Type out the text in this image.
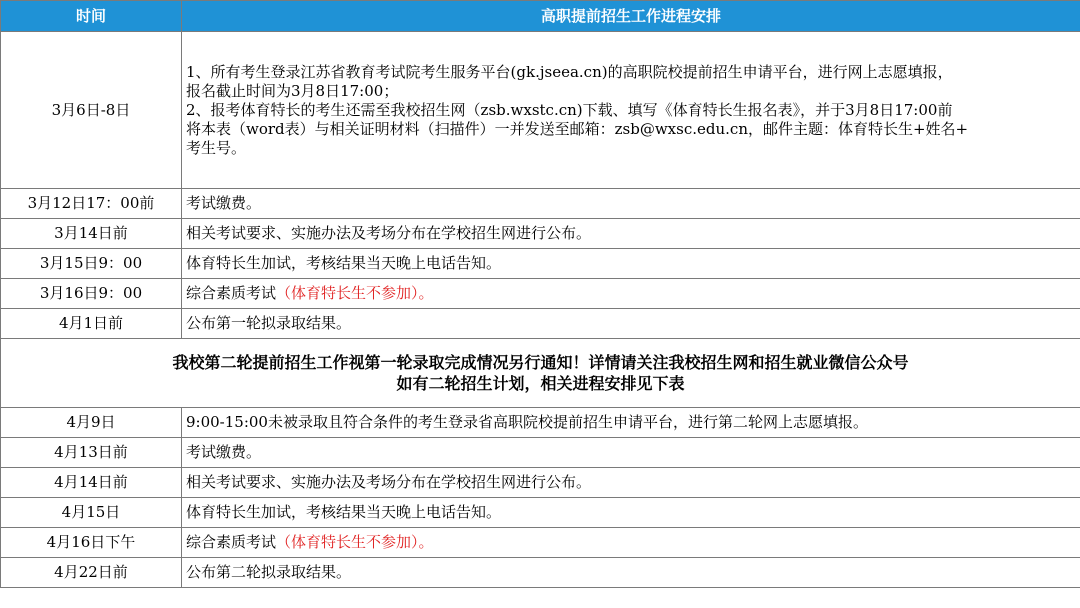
时间	高职提前招生工作进程安排
3月6日-8日	1、所有考生登录江苏省教育考试院考生服务平台(gk.jseea.cn)的高职院校提前招生申请平台，进行网上志愿填报，
报名截止时间为3月8日17:00；
2、报考体育特长的考生还需至我校招生网（zsb.wxstc.cn)下载、填写《体育特长生报名表》，并于3月8日17:00前
将本表（word表）与相关证明材料（扫描件）一并发送至邮箱：zsb@wxsc.edu.cn，邮件主题：体育特长生+姓名+
考生号。

3月12日17：00前	考试缴费。
3月14日前	相关考试要求、实施办法及考场分布在学校招生网进行公布。
3月15日9：00	体育特长生加试，考核结果当天晚上电话告知。
3月16日9：00	综合素质考试（体育特长生不参加）。
4月1日前	公布第一轮拟录取结果。

我校第二轮提前招生工作视第一轮录取完成情况另行通知！详情请关注我校招生网和招生就业微信公众号
如有二轮招生计划，相关进程安排见下表	

4月9日	9:00-15:00未被录取且符合条件的考生登录省高职院校提前招生申请平台，进行第二轮网上志愿填报。
4月13日前	考试缴费。
4月14日前	相关考试要求、实施办法及考场分布在学校招生网进行公布。
4月15日	体育特长生加试，考核结果当天晚上电话告知。
4月16日下午	综合素质考试（体育特长生不参加）。
4月22日前	公布第二轮拟录取结果。
